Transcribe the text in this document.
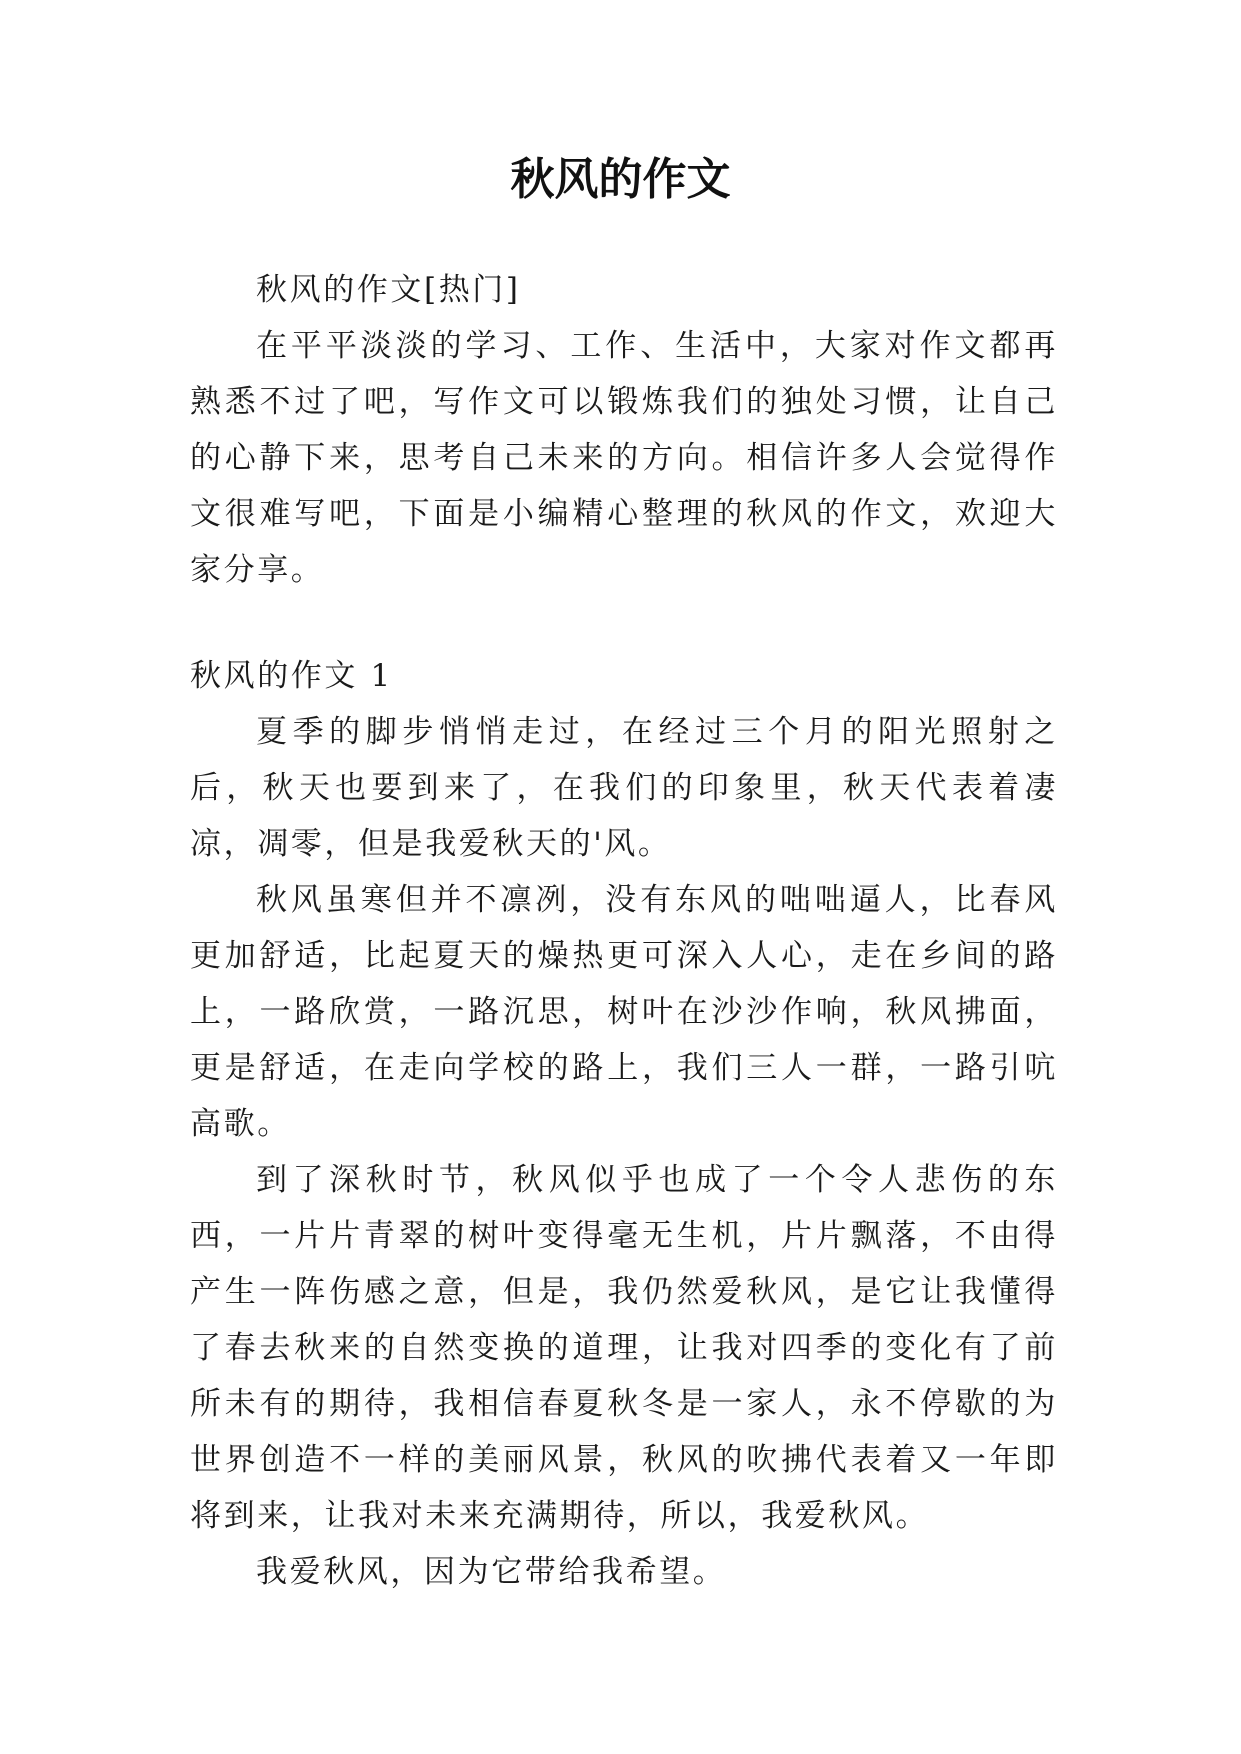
秋风的作文

秋风的作文[热门]

在平平淡淡的学习、工作、生活中，大家对作文都再熟悉不过了吧，写作文可以锻炼我们的独处习惯，让自己的心静下来，思考自己未来的方向。相信许多人会觉得作文很难写吧，下面是小编精心整理的秋风的作文，欢迎大家分享。

秋风的作文 1

夏季的脚步悄悄走过，在经过三个月的阳光照射之后，秋天也要到来了，在我们的印象里，秋天代表着凄凉，凋零，但是我爱秋天的'风。

秋风虽寒但并不凛冽，没有东风的咄咄逼人，比春风更加舒适，比起夏天的燥热更可深入人心，走在乡间的路上，一路欣赏，一路沉思，树叶在沙沙作响，秋风拂面，更是舒适，在走向学校的路上，我们三人一群，一路引吭高歌。

到了深秋时节，秋风似乎也成了一个令人悲伤的东西，一片片青翠的树叶变得毫无生机，片片飘落，不由得产生一阵伤感之意，但是，我仍然爱秋风，是它让我懂得了春去秋来的自然变换的道理，让我对四季的变化有了前所未有的期待，我相信春夏秋冬是一家人，永不停歇的为世界创造不一样的美丽风景，秋风的吹拂代表着又一年即将到来，让我对未来充满期待，所以，我爱秋风。

我爱秋风，因为它带给我希望。
